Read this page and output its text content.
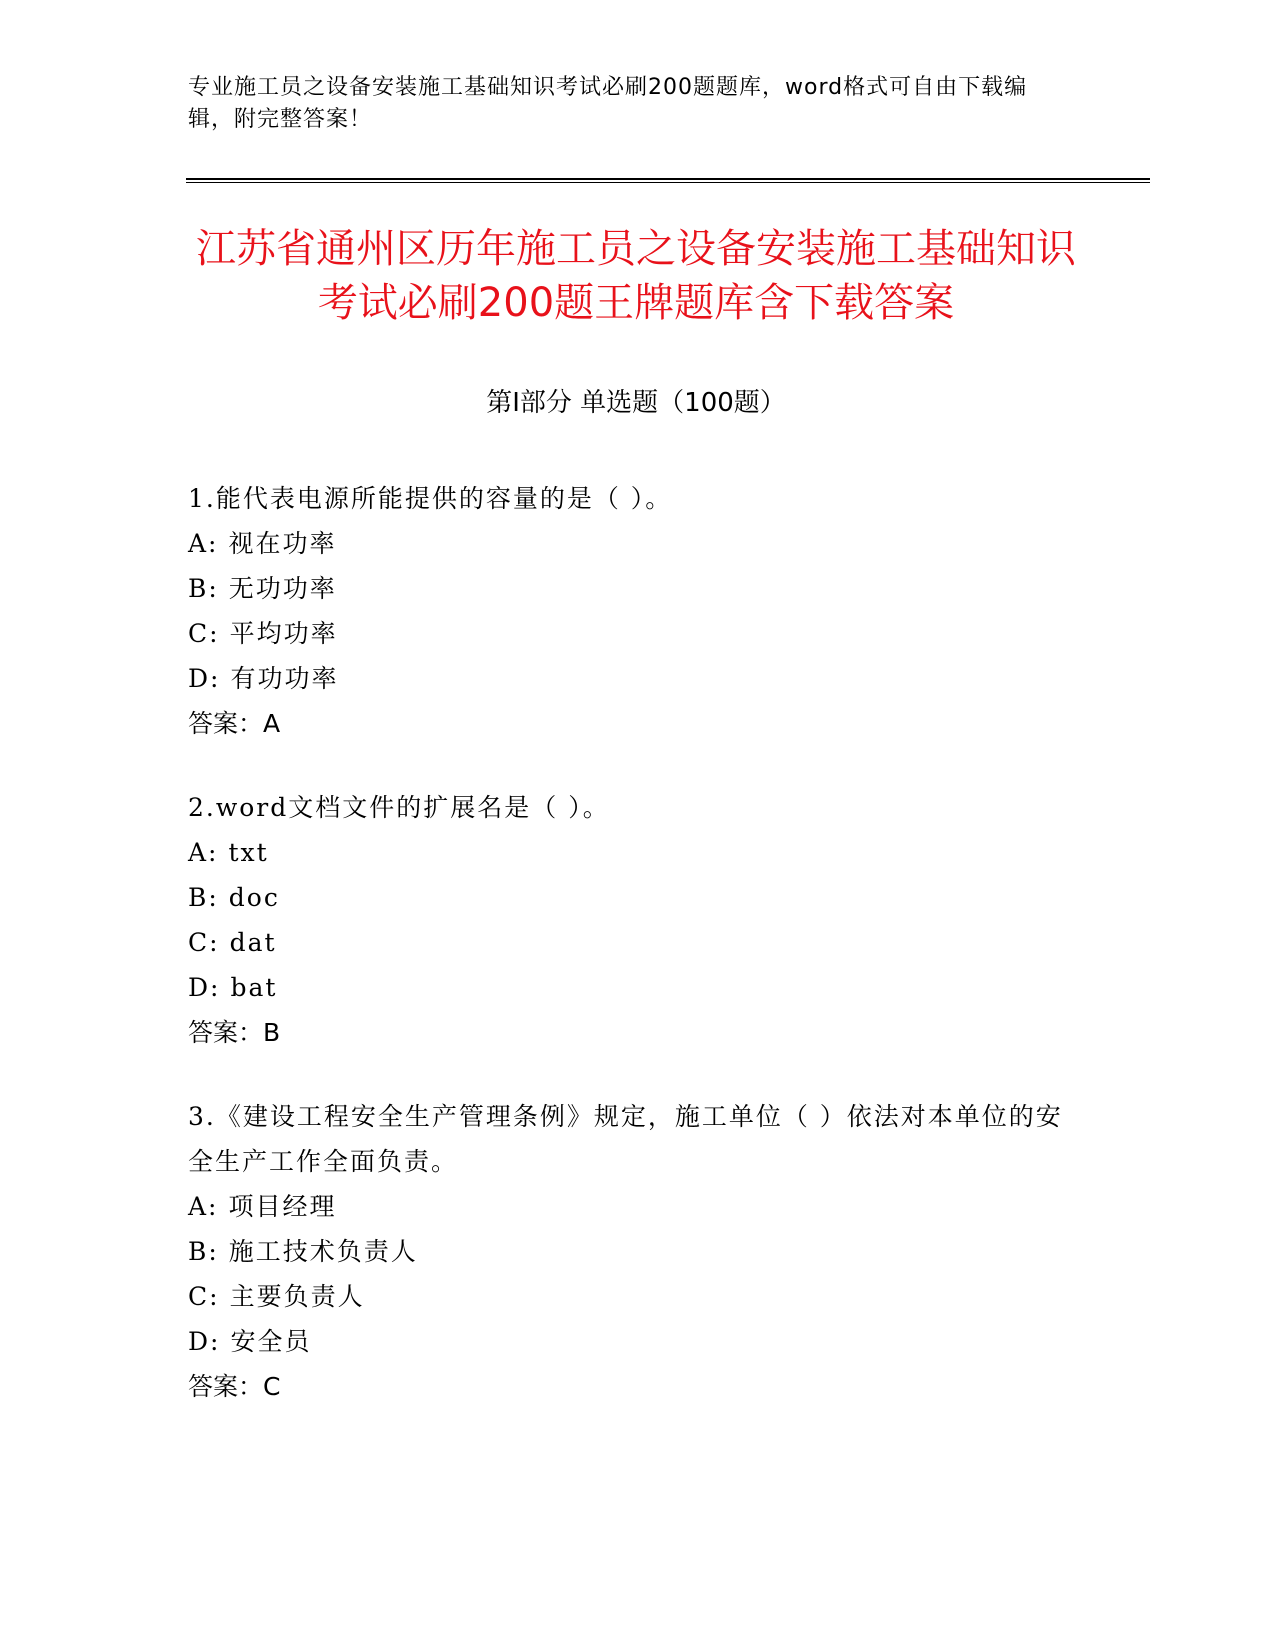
专业施工员之设备安装施工基础知识考试必刷200题题库，word格式可自由下载编辑，附完整答案！
江苏省通州区历年施工员之设备安装施工基础知识考试必刷200题王牌题库含下载答案
第Ⅰ部分 单选题（100题）
1.能代表电源所能提供的容量的是（ ）。
A: 视在功率
B: 无功功率
C: 平均功率
D: 有功功率
答案：A
2.word文档文件的扩展名是（ ）。
A: txt
B: doc
C: dat
D: bat
答案：B
3.《建设工程安全生产管理条例》规定，施工单位（ ）依法对本单位的安全生产工作全面负责。
A: 项目经理
B: 施工技术负责人
C: 主要负责人
D: 安全员
答案：C
